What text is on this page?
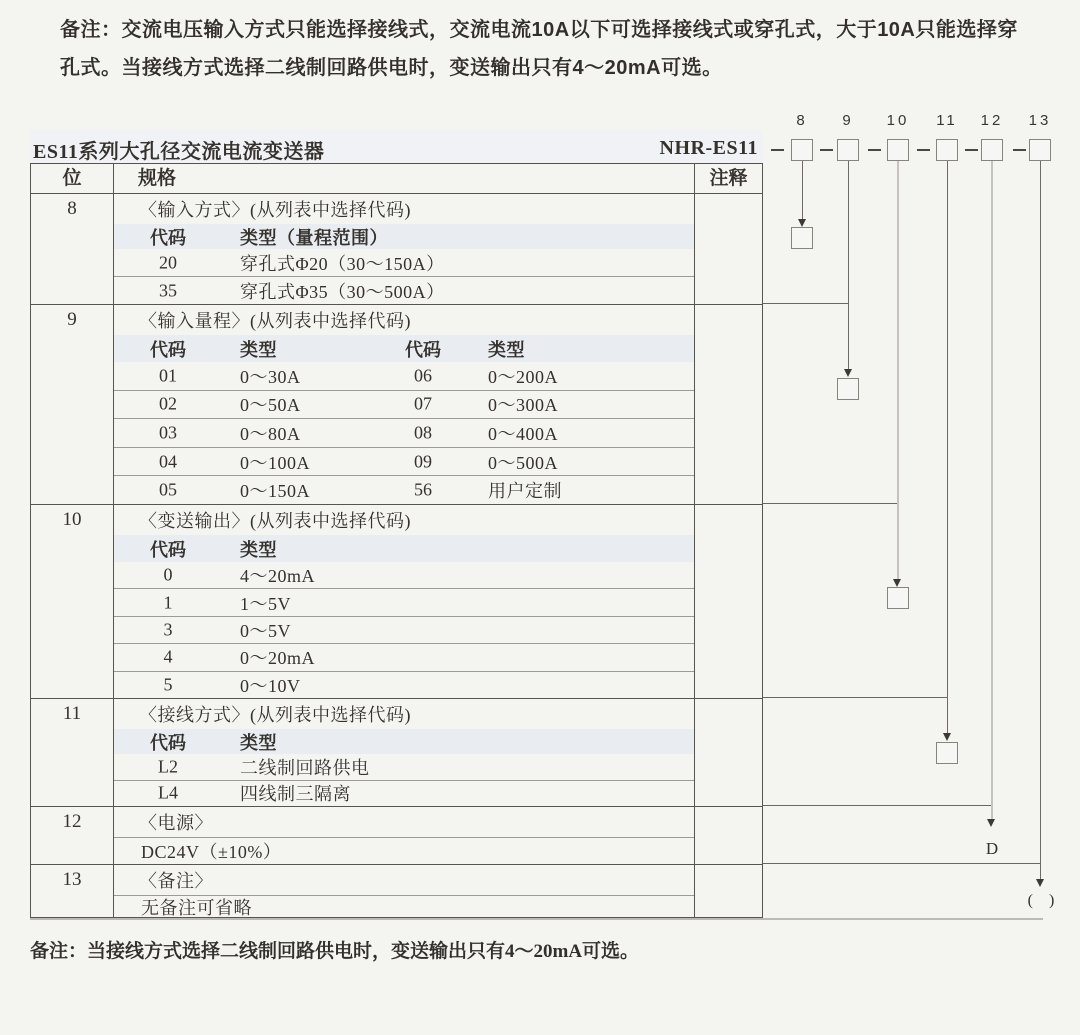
备注：交流电压输入方式只能选择接线式，交流电流10A以下可选择接线式或穿孔式，大于10A只能选择穿孔式。当接线方式选择二线制回路供电时，变送输出只有4～20mA可选。
ES11系列大孔径交流电流变送器	NHR-ES11
位	规格	注释
8	〈输入方式〉 (从列表中选择代码)
代码	类型（量程范围）
20	穿孔式Φ20（30～150A）
35	穿孔式Φ35（30～500A）
9	〈输入量程〉 (从列表中选择代码)
代码	类型	代码	类型
01	0～30A	06	0～200A
02	0～50A	07	0～300A
03	0～80A	08	0～400A
04	0～100A	09	0～500A
05	0～150A	56	用户定制
10	〈变送输出〉 (从列表中选择代码)
代码	类型
0	4～20mA
1	1～5V
3	0～5V
4	0～20mA
5	0～10V
11	〈接线方式〉 (从列表中选择代码)
代码	类型
L2	二线制回路供电
L4	四线制三隔离
12	〈电源〉
DC24V（±10%）
13	〈备注〉
无备注可省略
8	9	10	11	12	13
D
( )
备注：当接线方式选择二线制回路供电时，变送输出只有4～20mA可选。
